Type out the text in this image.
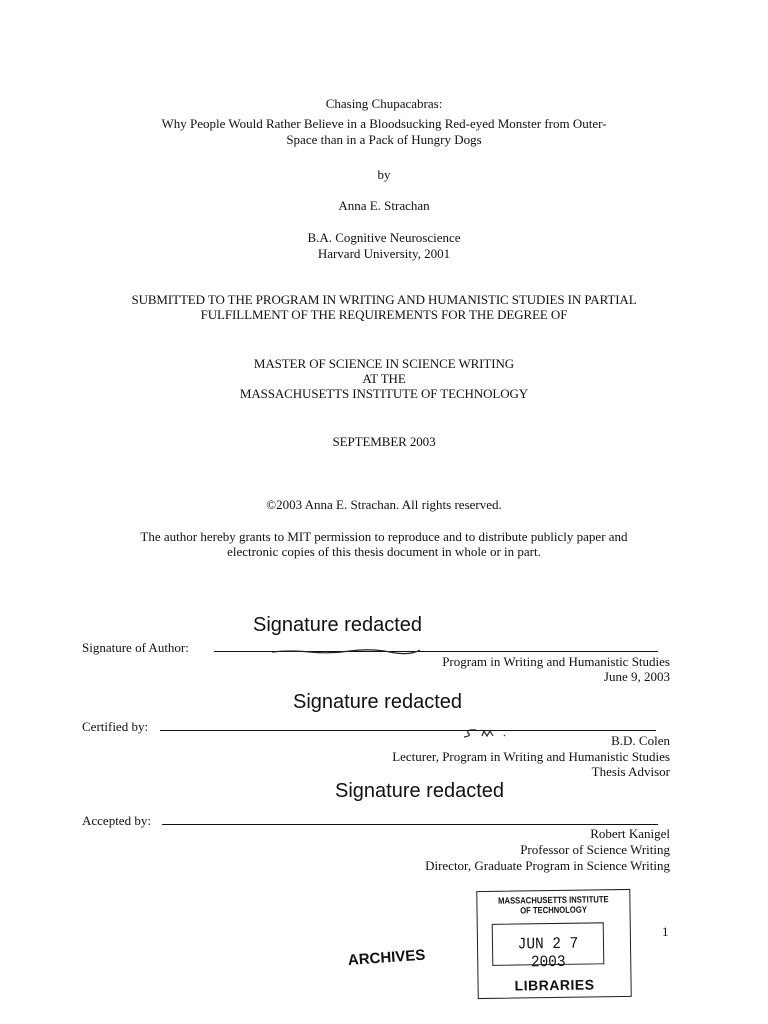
Chasing Chupacabras:
Why People Would Rather Believe in a Bloodsucking Red-eyed Monster from Outer-
Space than in a Pack of Hungry Dogs
by
Anna E. Strachan
B.A. Cognitive Neuroscience
Harvard University, 2001
SUBMITTED TO THE PROGRAM IN WRITING AND HUMANISTIC STUDIES IN PARTIAL
FULFILLMENT OF THE REQUIREMENTS FOR THE DEGREE OF
MASTER OF SCIENCE IN SCIENCE WRITING
AT THE
MASSACHUSETTS INSTITUTE OF TECHNOLOGY
SEPTEMBER 2003
©2003 Anna E. Strachan. All rights reserved.
The author hereby grants to MIT permission to reproduce and to distribute publicly paper and
electronic copies of this thesis document in whole or in part.
Signature redacted
Signature of Author:
Program in Writing and Humanistic Studies
June 9, 2003
Signature redacted
Certified by:
B.D. Colen
Lecturer, Program in Writing and Humanistic Studies
Thesis Advisor
Signature redacted
Accepted by:
Robert Kanigel
Professor of Science Writing
Director, Graduate Program in Science Writing
MASSACHUSETTS INSTITUTE
OF TECHNOLOGY
JUN 2 7 2003
LIBRARIES
ARCHIVES
1
